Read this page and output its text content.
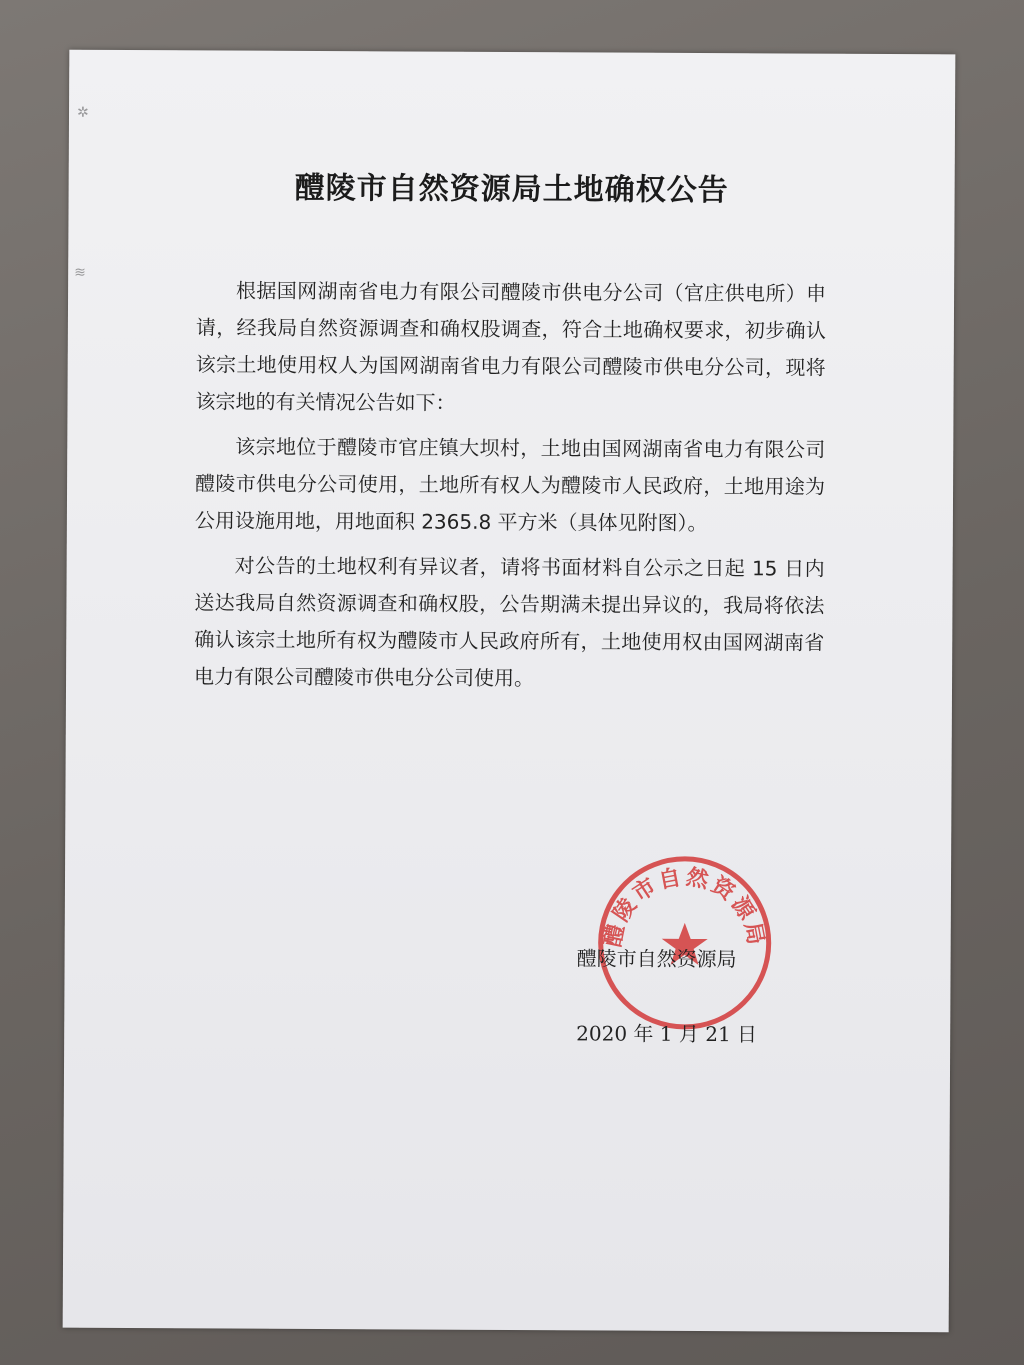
✲
≋
醴陵市自然资源局土地确权公告

根据国网湖南省电力有限公司醴陵市供电分公司（官庄供电所）申请，经我局自然资源调查和确权股调查，符合土地确权要求，初步确认该宗土地使用权人为国网湖南省电力有限公司醴陵市供电分公司，现将该宗地的有关情况公告如下：

该宗地位于醴陵市官庄镇大坝村，土地由国网湖南省电力有限公司醴陵市供电分公司使用，土地所有权人为醴陵市人民政府，土地用途为公用设施用地，用地面积 2365.8 平方米（具体见附图）。

对公告的土地权利有异议者，请将书面材料自公示之日起 15 日内送达我局自然资源调查和确权股，公告期满未提出异议的，我局将依法确认该宗土地所有权为醴陵市人民政府所有，土地使用权由国网湖南省电力有限公司醴陵市供电分公司使用。

醴陵市自然资源局
醴陵市自然资源局
2020 年 1 月 21 日
